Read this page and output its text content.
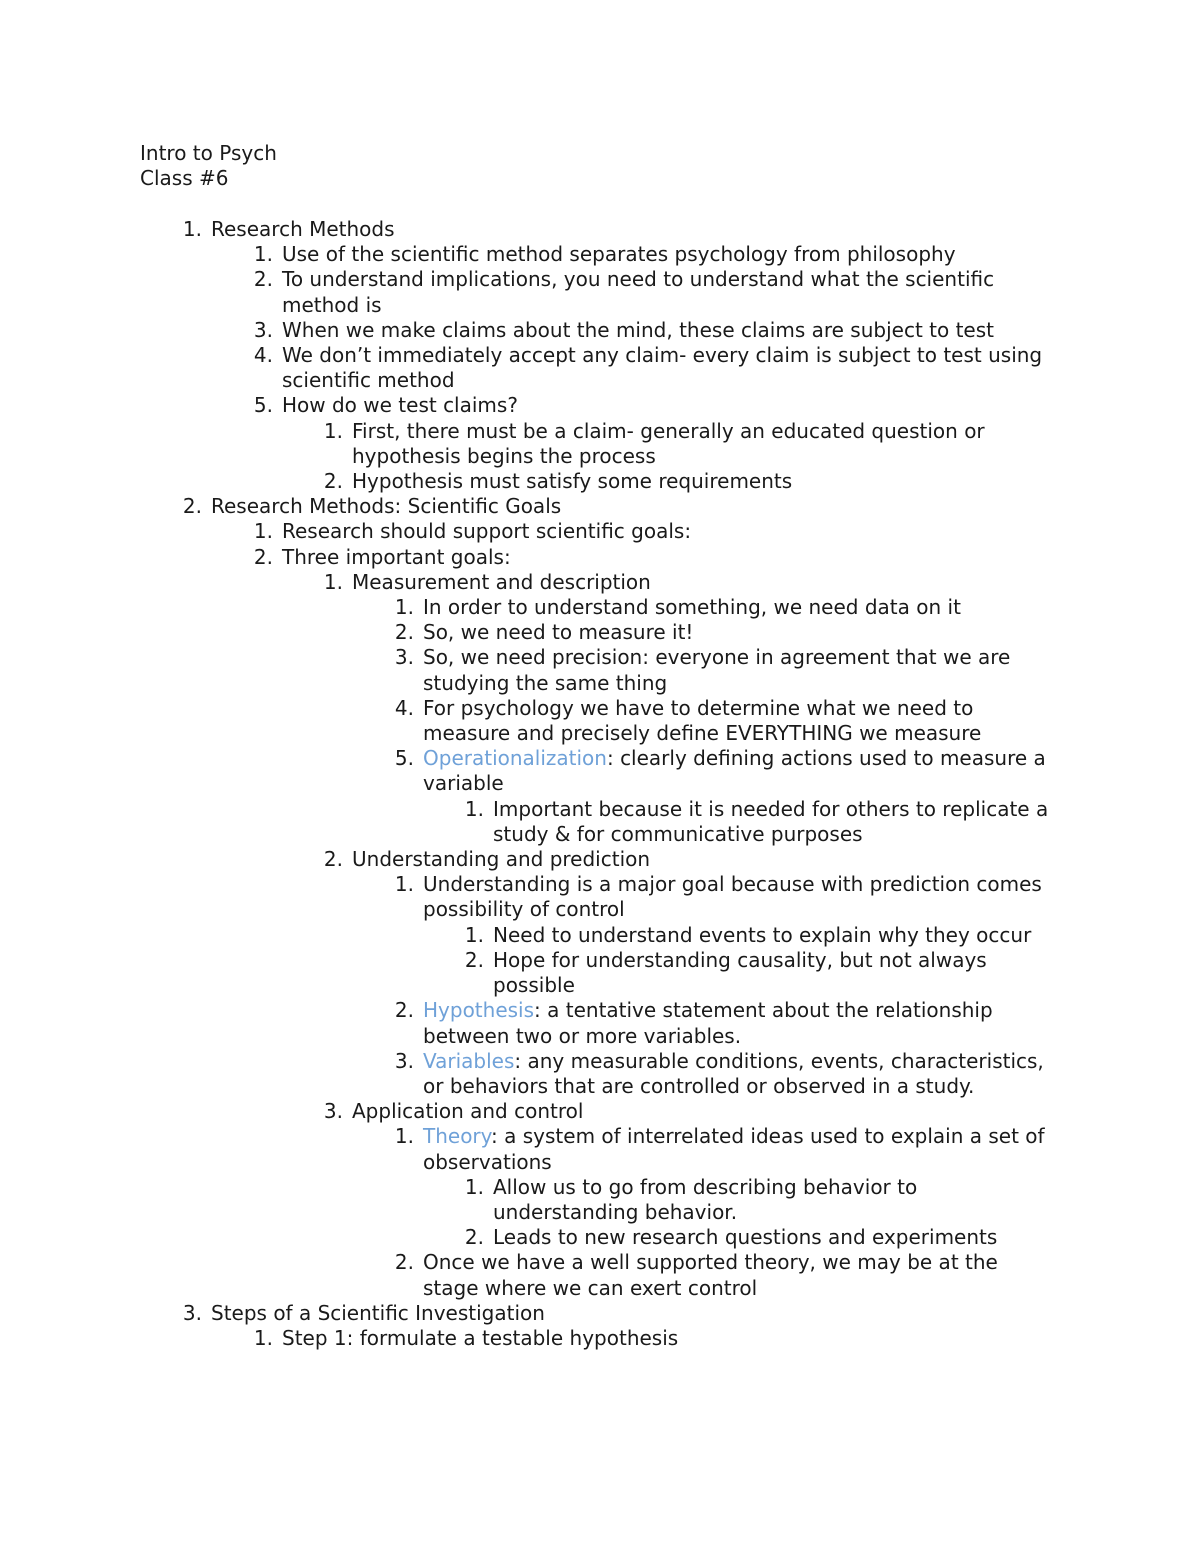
Intro to Psych
Class #6
1. Research Methods
1. Use of the scientific method separates psychology from philosophy
2. To understand implications, you need to understand what the scientific method is
3. When we make claims about the mind, these claims are subject to test
4. We don’t immediately accept any claim- every claim is subject to test using scientific method
5. How do we test claims?
1. First, there must be a claim- generally an educated question or hypothesis begins the process
2. Hypothesis must satisfy some requirements
2. Research Methods: Scientific Goals
1. Research should support scientific goals:
2. Three important goals:
1. Measurement and description
1. In order to understand something, we need data on it
2. So, we need to measure it!
3. So, we need precision: everyone in agreement that we are studying the same thing
4. For psychology we have to determine what we need to measure and precisely define EVERYTHING we measure
5. Operationalization: clearly defining actions used to measure a variable
1. Important because it is needed for others to replicate a study & for communicative purposes
2. Understanding and prediction
1. Understanding is a major goal because with prediction comes possibility of control
1. Need to understand events to explain why they occur
2. Hope for understanding causality, but not always possible
2. Hypothesis: a tentative statement about the relationship between two or more variables.
3. Variables: any measurable conditions, events, characteristics, or behaviors that are controlled or observed in a study.
3. Application and control
1. Theory: a system of interrelated ideas used to explain a set of observations
1. Allow us to go from describing behavior to understanding behavior.
2. Leads to new research questions and experiments
2. Once we have a well supported theory, we may be at the stage where we can exert control
3. Steps of a Scientific Investigation
1. Step 1: formulate a testable hypothesis
